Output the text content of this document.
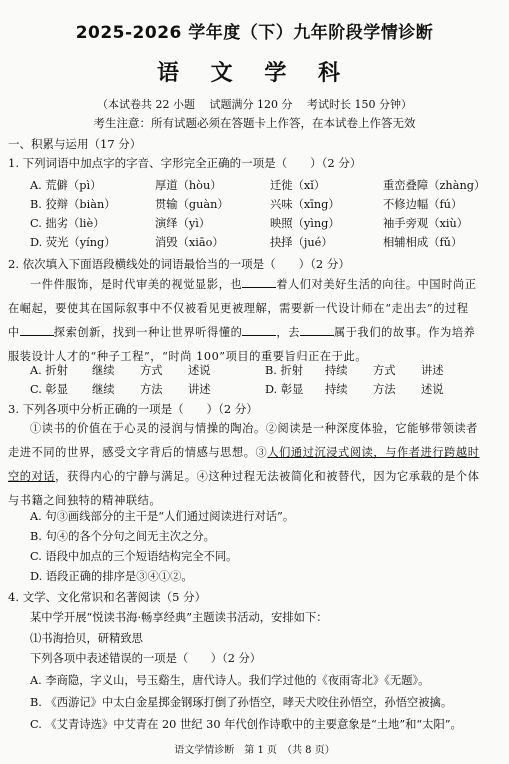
2025-2026 学年度（下）九年阶段学情诊断
语 文 学 科
（本试卷共 22 小题　 试题满分 120 分　 考试时长 150 分钟）
考生注意：所有试题必须在答题卡上作答，在本试卷上作答无效
一、积累与运用（17 分）
1. 下列词语中加点字的字音、字形完全正确的一项是（　　）（2 分）
A. 荒僻（pì）	厚道（hòu）	迁徙（xǐ）	重峦叠障（zhàng）
B. 狡辩（biàn）	贯输（guàn）	兴味（xīng）	不修边幅（fú）
C. 拙劣（liè）	演绎（yì）	映照（yìng）	袖手旁观（xiù）
D. 荧光（yíng）	消毁（xiāo）	抉择（jué）	相辅相成（fǔ）
2. 依次填入下面语段横线处的词语最恰当的一项是（　　）（2 分）
一件件服饰，是时代审美的视觉显影，也	着人们对美好生活的向往。中国时尚正
在崛起，要使其在国际叙事中不仅被看见更被理解，需要新一代设计师在“走出去”的过程
中	探索创新，找到一种让世界听得懂的	，去	属于我们的故事。作为培养
服装设计人才的“种子工程”，“时尚 100”项目的重要旨归正在于此。
A. 折射 继续 方式 述说	B. 折射 持续 方式 讲述
C. 彰显 继续 方法 讲述	D. 彰显 持续 方法 述说
3. 下列各项中分析正确的一项是（　　）（2 分）
①读书的价值在于心灵的浸润与情操的陶冶。②阅读是一种深度体验，它能够带领读者
走进不同的世界，感受文字背后的情感与思想。③人们通过沉浸式阅读，与作者进行跨越时
空的对话，获得内心的宁静与满足。④这种过程无法被简化和被替代，因为它承载的是个体
与书籍之间独特的精神联结。
A. 句③画线部分的主干是“人们通过阅读进行对话”。
B. 句④的各个分句之间无主次之分。
C. 语段中加点的三个短语结构完全不同。
D. 语段正确的排序是③④①②。
4. 文学、文化常识和名著阅读（5 分）
某中学开展“悦读书海·畅享经典”主题读书活动，安排如下：
⑴书海拾贝，研精致思
下列各项中表述错误的一项是（　　）（2 分）
A. 李商隐，字义山，号玉谿生，唐代诗人。我们学过他的《夜雨寄北》《无题》。
B. 《西游记》中太白金星掷金钢琢打倒了孙悟空，哮天犬咬住孙悟空，孙悟空被擒。
C. 《艾青诗选》中艾青在 20 世纪 30 年代创作诗歌中的主要意象是“土地”和“太阳”。
语文学情诊断　第 1 页　（共 8 页）
